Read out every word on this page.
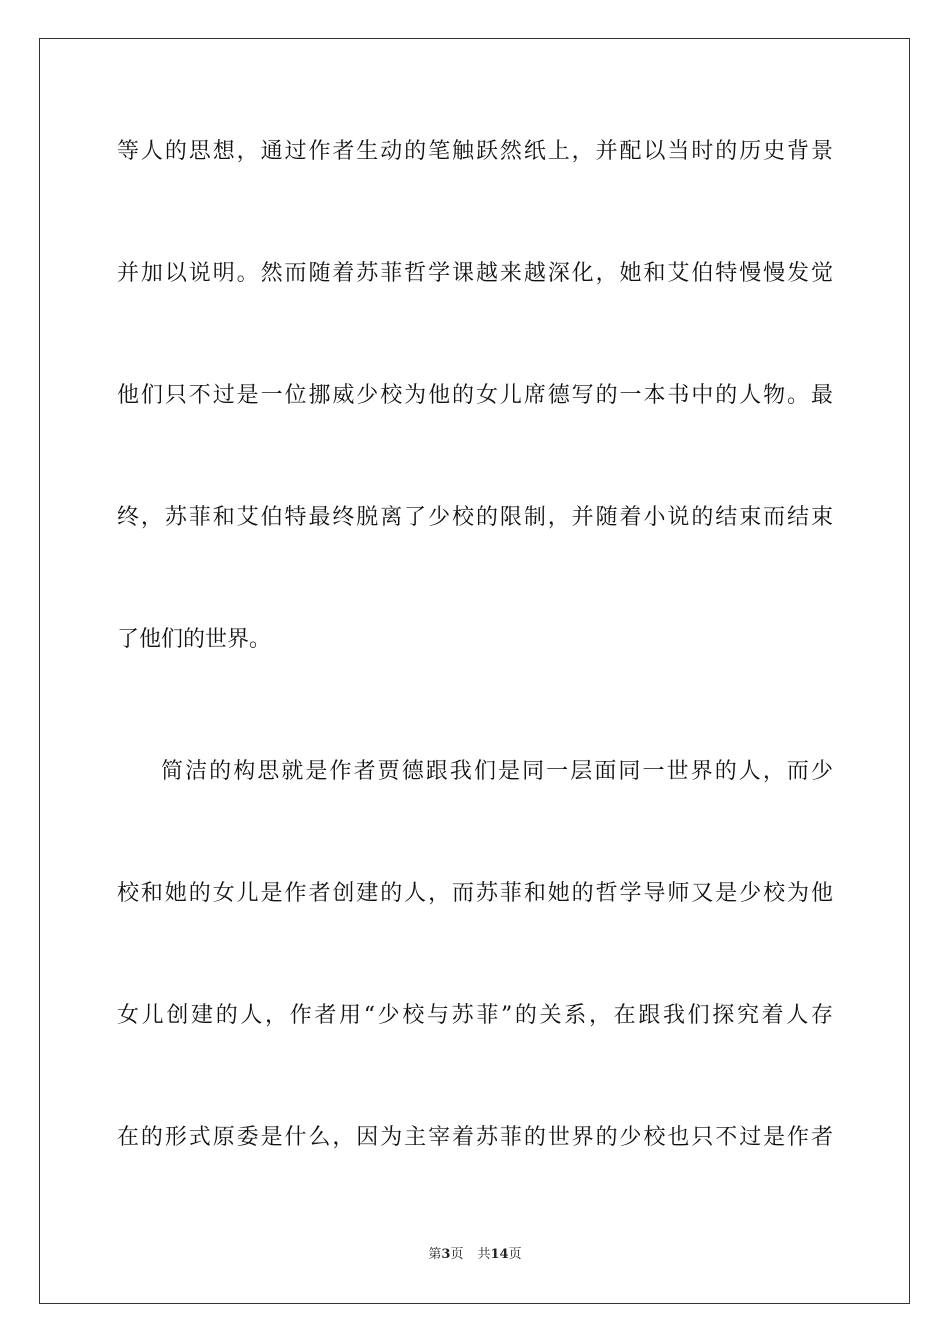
等人的思想，通过作者生动的笔触跃然纸上，并配以当时的历史背景
并加以说明。然而随着苏菲哲学课越来越深化，她和艾伯特慢慢发觉
他们只不过是一位挪威少校为他的女儿席德写的一本书中的人物。最
终，苏菲和艾伯特最终脱离了少校的限制，并随着小说的结束而结束
了他们的世界。
简洁的构思就是作者贾德跟我们是同一层面同一世界的人，而少
校和她的女儿是作者创建的人，而苏菲和她的哲学导师又是少校为他
女儿创建的人，作者用“少校与苏菲”的关系，在跟我们探究着人存
在的形式原委是什么，因为主宰着苏菲的世界的少校也只不过是作者
第3页 共14页
